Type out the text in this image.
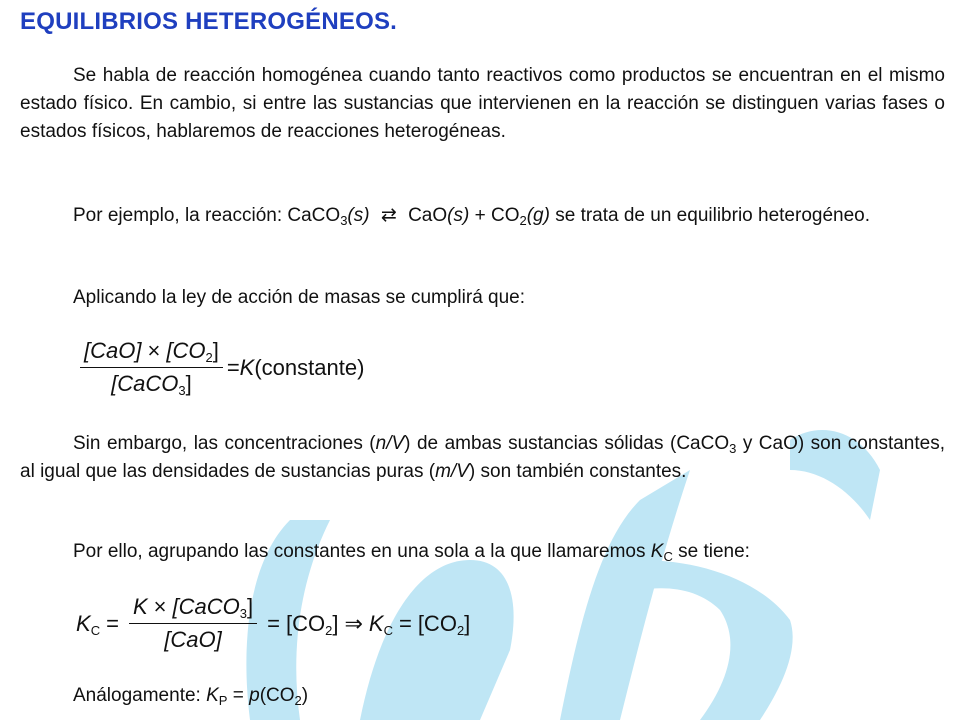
EQUILIBRIOS HETEROGÉNEOS.

Se habla de reacción homogénea cuando tanto reactivos como productos se encuentran en el mismo estado físico. En cambio, si entre las sustancias que intervienen en la reacción se distinguen varias fases o estados físicos, hablaremos de reacciones heterogéneas.

Por ejemplo, la reacción: CaCO$_3$(s) ⇄ $CaO(s) + CO_2(g)$ se trata de un equilibrio heterogéneo.

Aplicando la ley de acción de masas se cumplirá que:

$\frac{[CaO] \times [CO_2]}{[CaCO_3]} = K$ (constante)

Sin embargo, las concentraciones (n/V) de ambas sustancias sólidas (CaCO$_3$ y CaO) son constantes, al igual que las densidades de sustancias puras (m/V) son también constantes.

Por ello, agrupando las constantes en una sola a la que llamaremos $K_C$ se tiene:

$K_C = \frac{K \times [CaCO_3]}{\text{[CaO]}} = [CO_2]$ ⇒ $K_C = [CO_2]$

Análogamente: $K_P = p(CO_2)$
